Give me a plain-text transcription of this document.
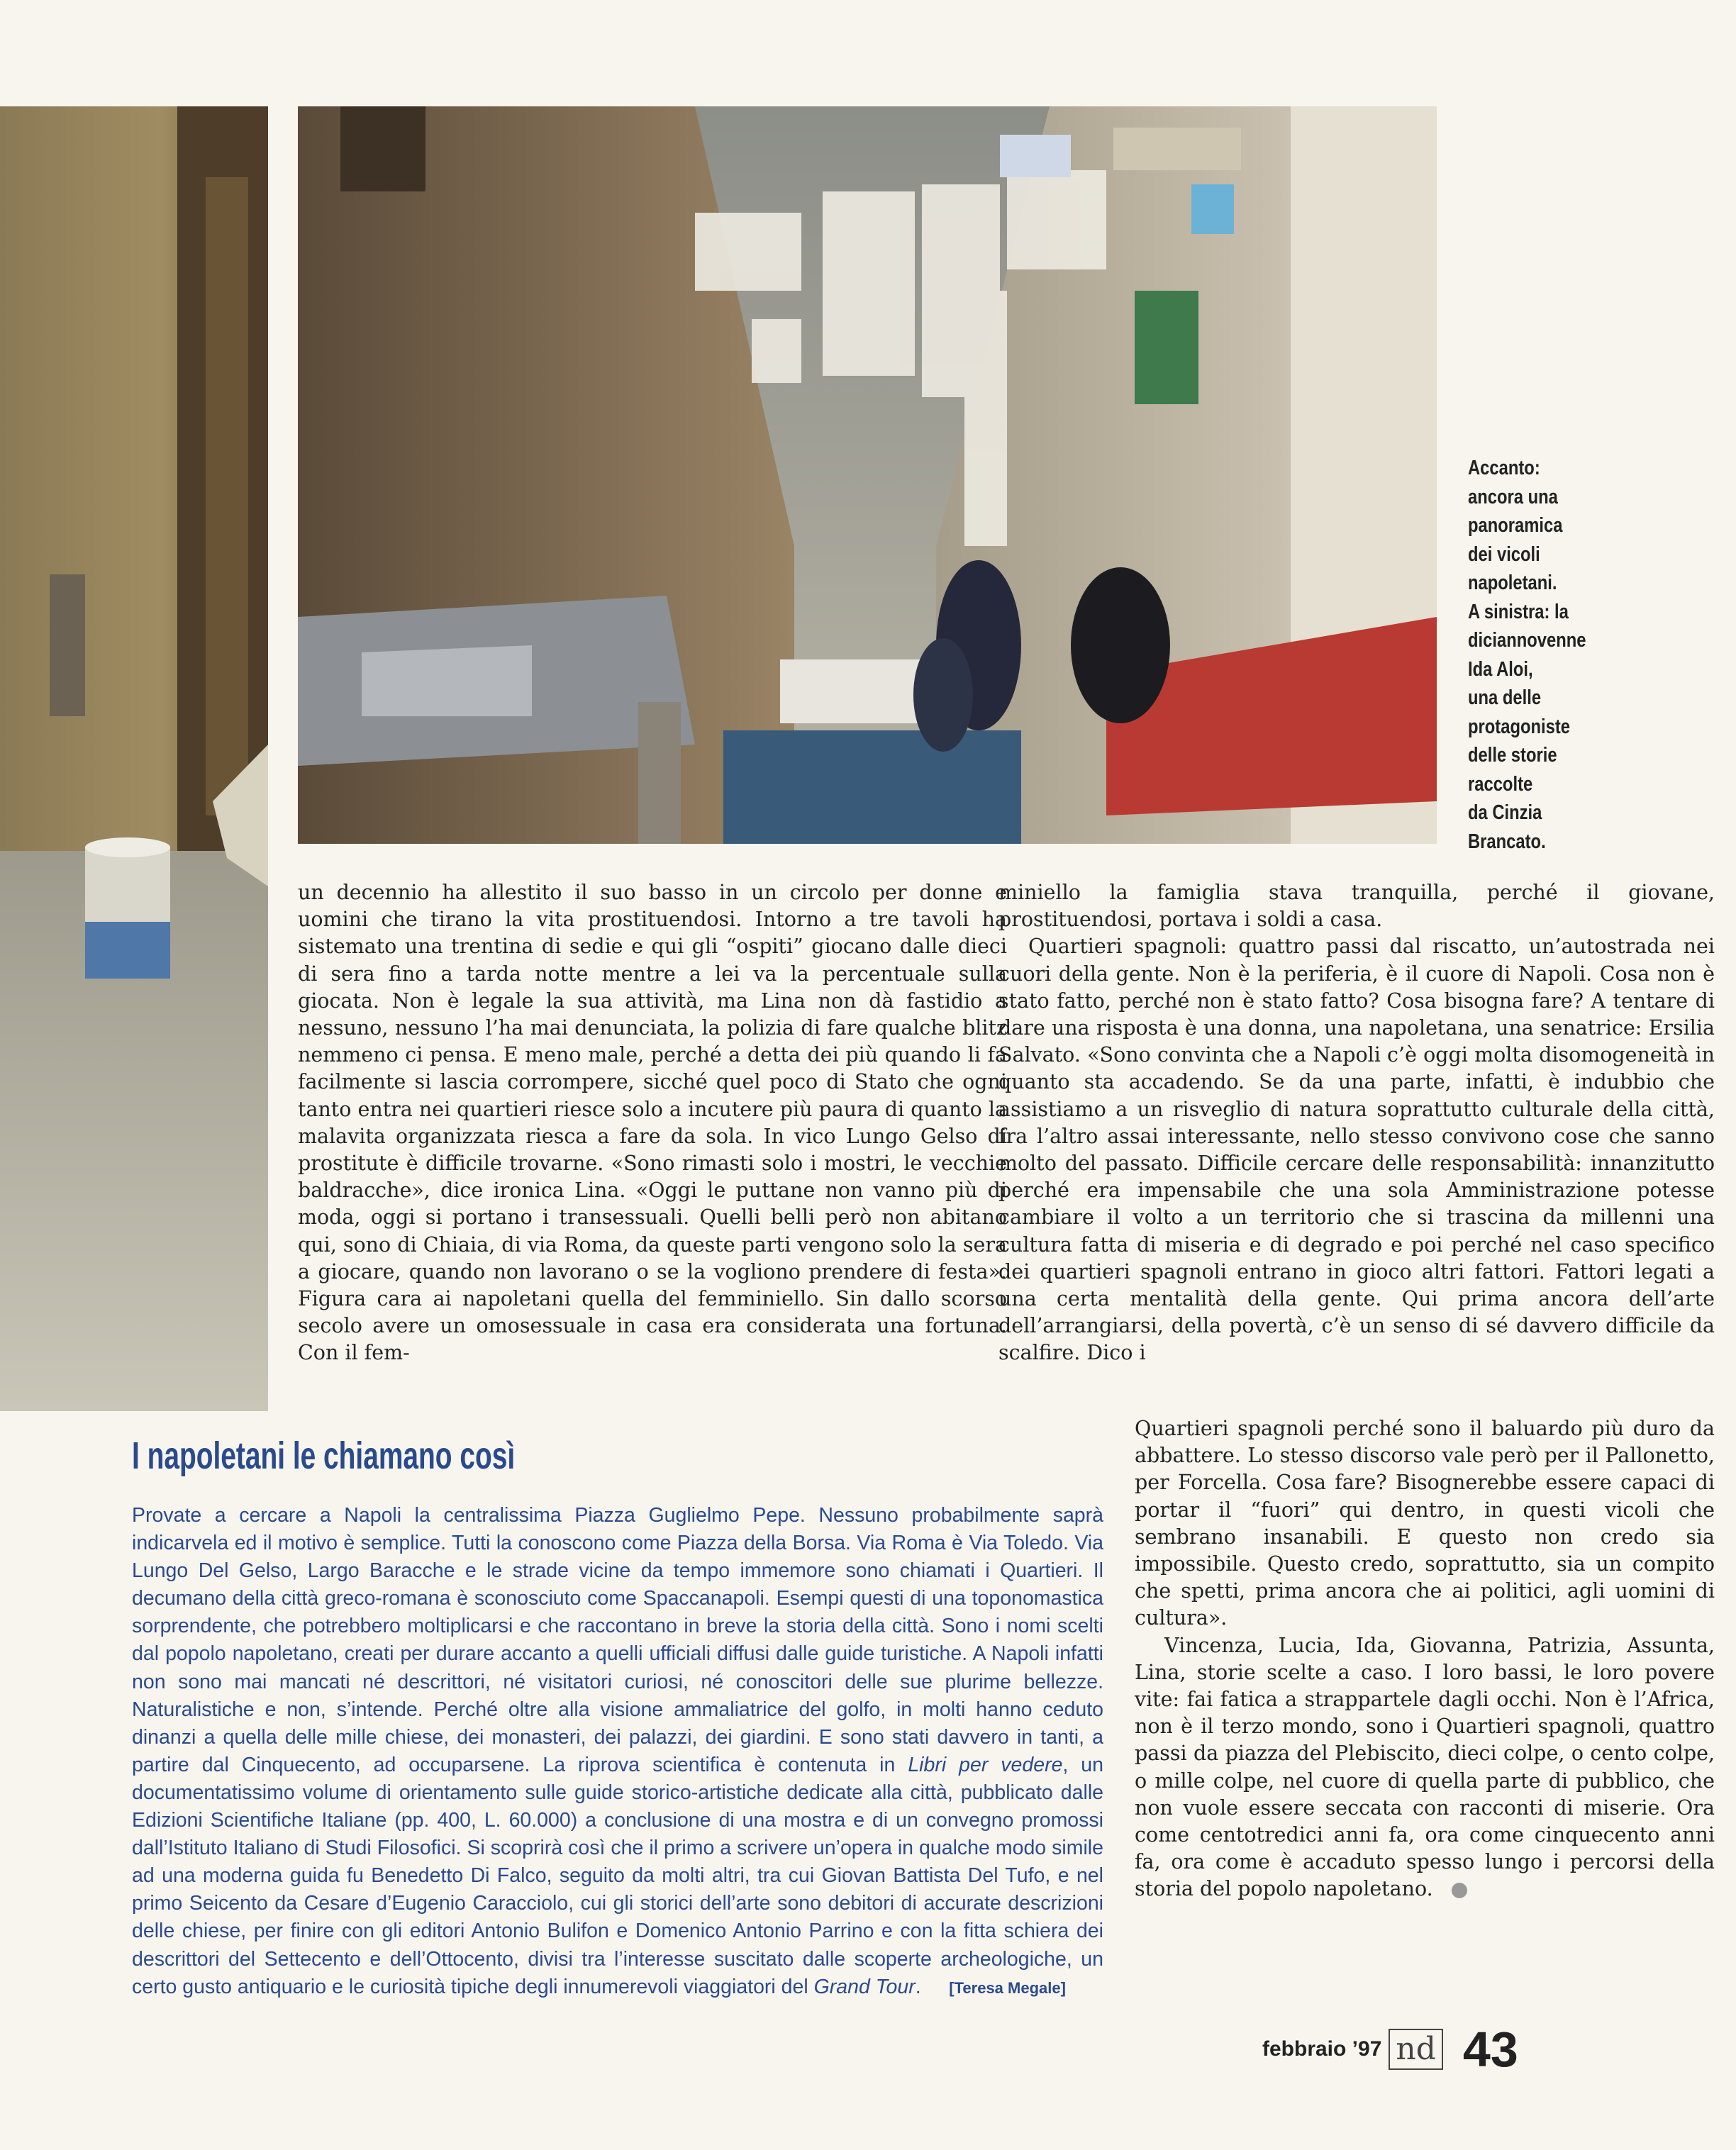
Accanto:

ancora una

panoramica

dei vicoli

napoletani.

A sinistra: la

diciannovenne

Ida Aloi,

una delle

protagoniste

delle storie

raccolte

da Cinzia

Brancato.

un decennio ha allestito il suo basso in un circolo per donne e uomini che tirano la vita prostituendosi. Intorno a tre tavoli ha sistemato una trentina di sedie e qui gli “ospiti” giocano dalle dieci di sera fino a tarda notte mentre a lei va la percentuale sulla giocata. Non è legale la sua attività, ma Lina non dà fastidio a nessuno, nessuno l’ha mai denunciata, la polizia di fare qualche blitz nemmeno ci pensa. E meno male, perché a detta dei più quando li fa facilmente si lascia corrompere, sicché quel poco di Stato che ogni tanto entra nei quartieri riesce solo a incutere più paura di quanto la malavita organizzata riesca a fare da sola. In vico Lungo Gelso di prostitute è difficile trovarne. «Sono rimasti solo i mostri, le vecchie baldracche», dice ironica Lina. «Oggi le puttane non vanno più di moda, oggi si portano i transessuali. Quelli belli però non abitano qui, sono di Chiaia, di via Roma, da queste parti vengono solo la sera a giocare, quando non lavorano o se la vogliono prendere di festa». Figura cara ai napoletani quella del femminiello. Sin dallo scorso secolo avere un omosessuale in casa era considerata una fortuna. Con il fem-

miniello la famiglia stava tranquilla, perché il giovane, prostituendosi, portava i soldi a casa.

Quartieri spagnoli: quattro passi dal riscatto, un’autostrada nei cuori della gente. Non è la periferia, è il cuore di Napoli. Cosa non è stato fatto, perché non è stato fatto? Cosa bisogna fare? A tentare di dare una risposta è una donna, una napoletana, una senatrice: Ersilia Salvato. «Sono convinta che a Napoli c’è oggi molta disomogeneità in quanto sta accadendo. Se da una parte, infatti, è indubbio che assistiamo a un risveglio di natura soprattutto culturale della città, fra l’altro assai interessante, nello stesso convivono cose che sanno molto del passato. Difficile cercare delle responsabilità: innanzitutto perché era impensabile che una sola Amministrazione potesse cambiare il volto a un territorio che si trascina da millenni una cultura fatta di miseria e di degrado e poi perché nel caso specifico dei quartieri spagnoli entrano in gioco altri fattori. Fattori legati a una certa mentalità della gente. Qui prima ancora dell’arte dell’arrangiarsi, della povertà, c’è un senso di sé davvero difficile da scalfire. Dico i

Quartieri spagnoli perché sono il baluardo più duro da abbattere. Lo stesso discorso vale però per il Pallonetto, per Forcella. Cosa fare? Bisognerebbe essere capaci di portar il “fuori” qui dentro, in questi vicoli che sembrano insanabili. E questo non credo sia impossibile. Questo credo, soprattutto, sia un compito che spetti, prima ancora che ai politici, agli uomini di cultura».

Vincenza, Lucia, Ida, Giovanna, Patrizia, Assunta, Lina, storie scelte a caso. I loro bassi, le loro povere vite: fai fatica a strappartele dagli occhi. Non è l’Africa, non è il terzo mondo, sono i Quartieri spagnoli, quattro passi da piazza del Plebiscito, dieci colpe, o cento colpe, o mille colpe, nel cuore di quella parte di pubblico, che non vuole essere seccata con racconti di miserie. Ora come centotredici anni fa, ora come cinquecento anni fa, ora come è accaduto spesso lungo i percorsi della storia del popolo napoletano.

I napoletani le chiamano così

Provate a cercare a Napoli la centralissima Piazza Guglielmo Pepe. Nessuno probabilmente saprà indicarvela ed il motivo è semplice. Tutti la conoscono come Piazza della Borsa. Via Roma è Via Toledo. Via Lungo Del Gelso, Largo Baracche e le strade vicine da tempo immemore sono chiamati i Quartieri. Il decumano della città greco-romana è sconosciuto come Spaccanapoli. Esempi questi di una toponomastica sorprendente, che potrebbero moltiplicarsi e che raccontano in breve la storia della città. Sono i nomi scelti dal popolo napoletano, creati per durare accanto a quelli ufficiali diffusi dalle guide turistiche. A Napoli infatti non sono mai mancati né descrittori, né visitatori curiosi, né conoscitori delle sue plurime bellezze. Naturalistiche e non, s’intende. Perché oltre alla visione ammaliatrice del golfo, in molti hanno ceduto dinanzi a quella delle mille chiese, dei monasteri, dei palazzi, dei giardini. E sono stati davvero in tanti, a partire dal Cinquecento, ad occuparsene. La riprova scientifica è contenuta in Libri per vedere, un documentatissimo volume di orientamento sulle guide storico-artistiche dedicate alla città, pubblicato dalle Edizioni Scientifiche Italiane (pp. 400, L. 60.000) a conclusione di una mostra e di un convegno promossi dall’Istituto Italiano di Studi Filosofici. Si scoprirà così che il primo a scrivere un’opera in qualche modo simile ad una moderna guida fu Benedetto Di Falco, seguito da molti altri, tra cui Giovan Battista Del Tufo, e nel primo Seicento da Cesare d’Eugenio Caracciolo, cui gli storici dell’arte sono debitori di accurate descrizioni delle chiese, per finire con gli editori Antonio Bulifon e Domenico Antonio Parrino e con la fitta schiera dei descrittori del Settecento e dell’Ottocento, divisi tra l’interesse suscitato dalle scoperte archeologiche, un certo gusto antiquario e le curiosità tipiche degli innumerevoli viaggiatori del Grand Tour. [Teresa Megale]

febbraio ’97 nd 43
